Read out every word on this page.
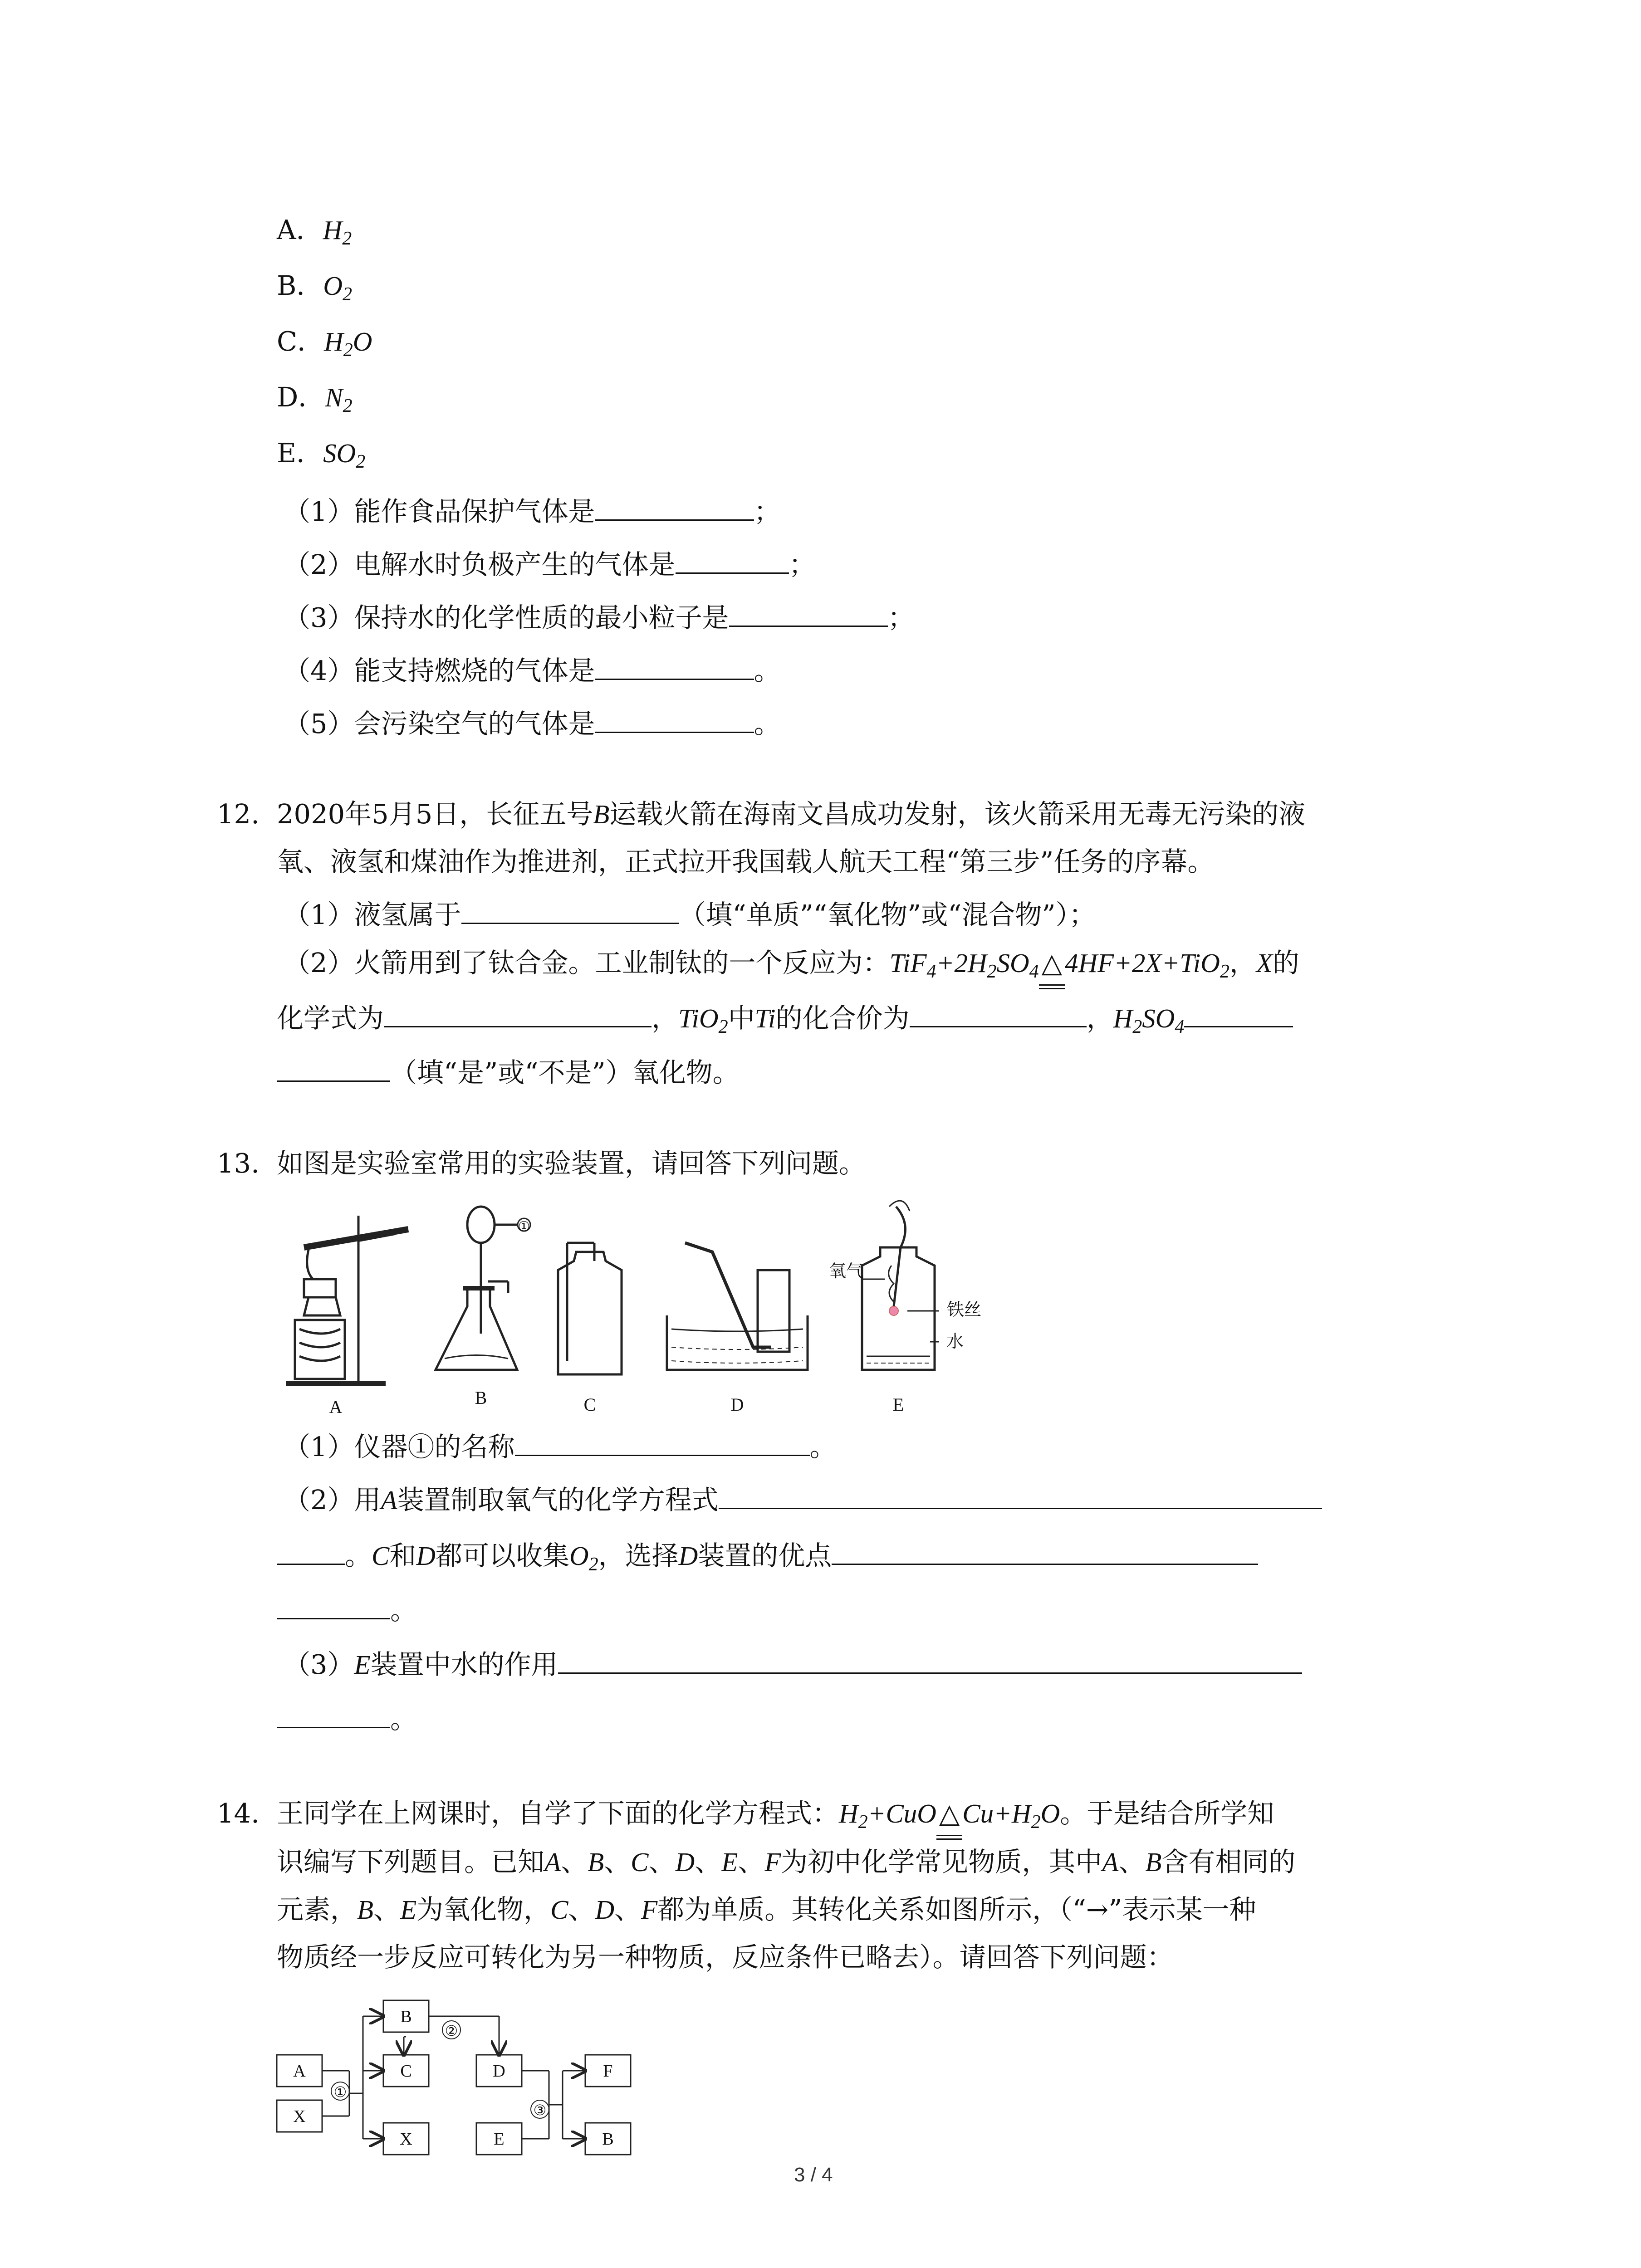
A．$H_2$
B．$O_2$
C．$H_2O$
D．$N_2$
E．$SO_2$
（1）能作食品保护气体是	；
（2）电解水时负极产生的气体是	；
（3）保持水的化学性质的最小粒子是	；
（4）能支持燃烧的气体是	。
（5）会污染空气的气体是	。
12. 2020年5月5日，长征五号B运载火箭在海南文昌成功发射，该火箭采用无毒无污染的液
氧、液氢和煤油作为推进剂，正式拉开我国载人航天工程“第三步”任务的序幕。
（1）液氢属于	（填“单质”“氧化物”或“混合物”）；
（2）火箭用到了钛合金。工业制钛的一个反应为：$TiF_4+2H_2SO_4$ △ 4HF+2X+TiO$_2$，X的
化学式为	，TiO$_2$中Ti的化合价为	，$H_2SO_4$
（填“是”或“不是”）氧化物。
13. 如图是实验室常用的实验装置，请回答下列问题。
A	B	C	D	E
①
氧气
铁丝
水
（1）仪器①的名称	。
（2）用A装置制取氧气的化学方程式
。C和D都可以收集$O_2$，选择D装置的优点
。
（3）E装置中水的作用
。
14. 王同学在上网课时，自学了下面的化学方程式：$H_2+CuO$ △ $Cu+H_2O$。于是结合所学知
识编写下列题目。已知A、B、C、D、E、F为初中化学常见物质，其中A、B含有相同的
元素，B、E为氧化物，C、D、F都为单质。其转化关系如图所示，（“→”表示某一种
物质经一步反应可转化为另一种物质，反应条件已略去）。请回答下列问题：
A
X
B
C
X
D
E
F
B
①
②
③
3 / 4
